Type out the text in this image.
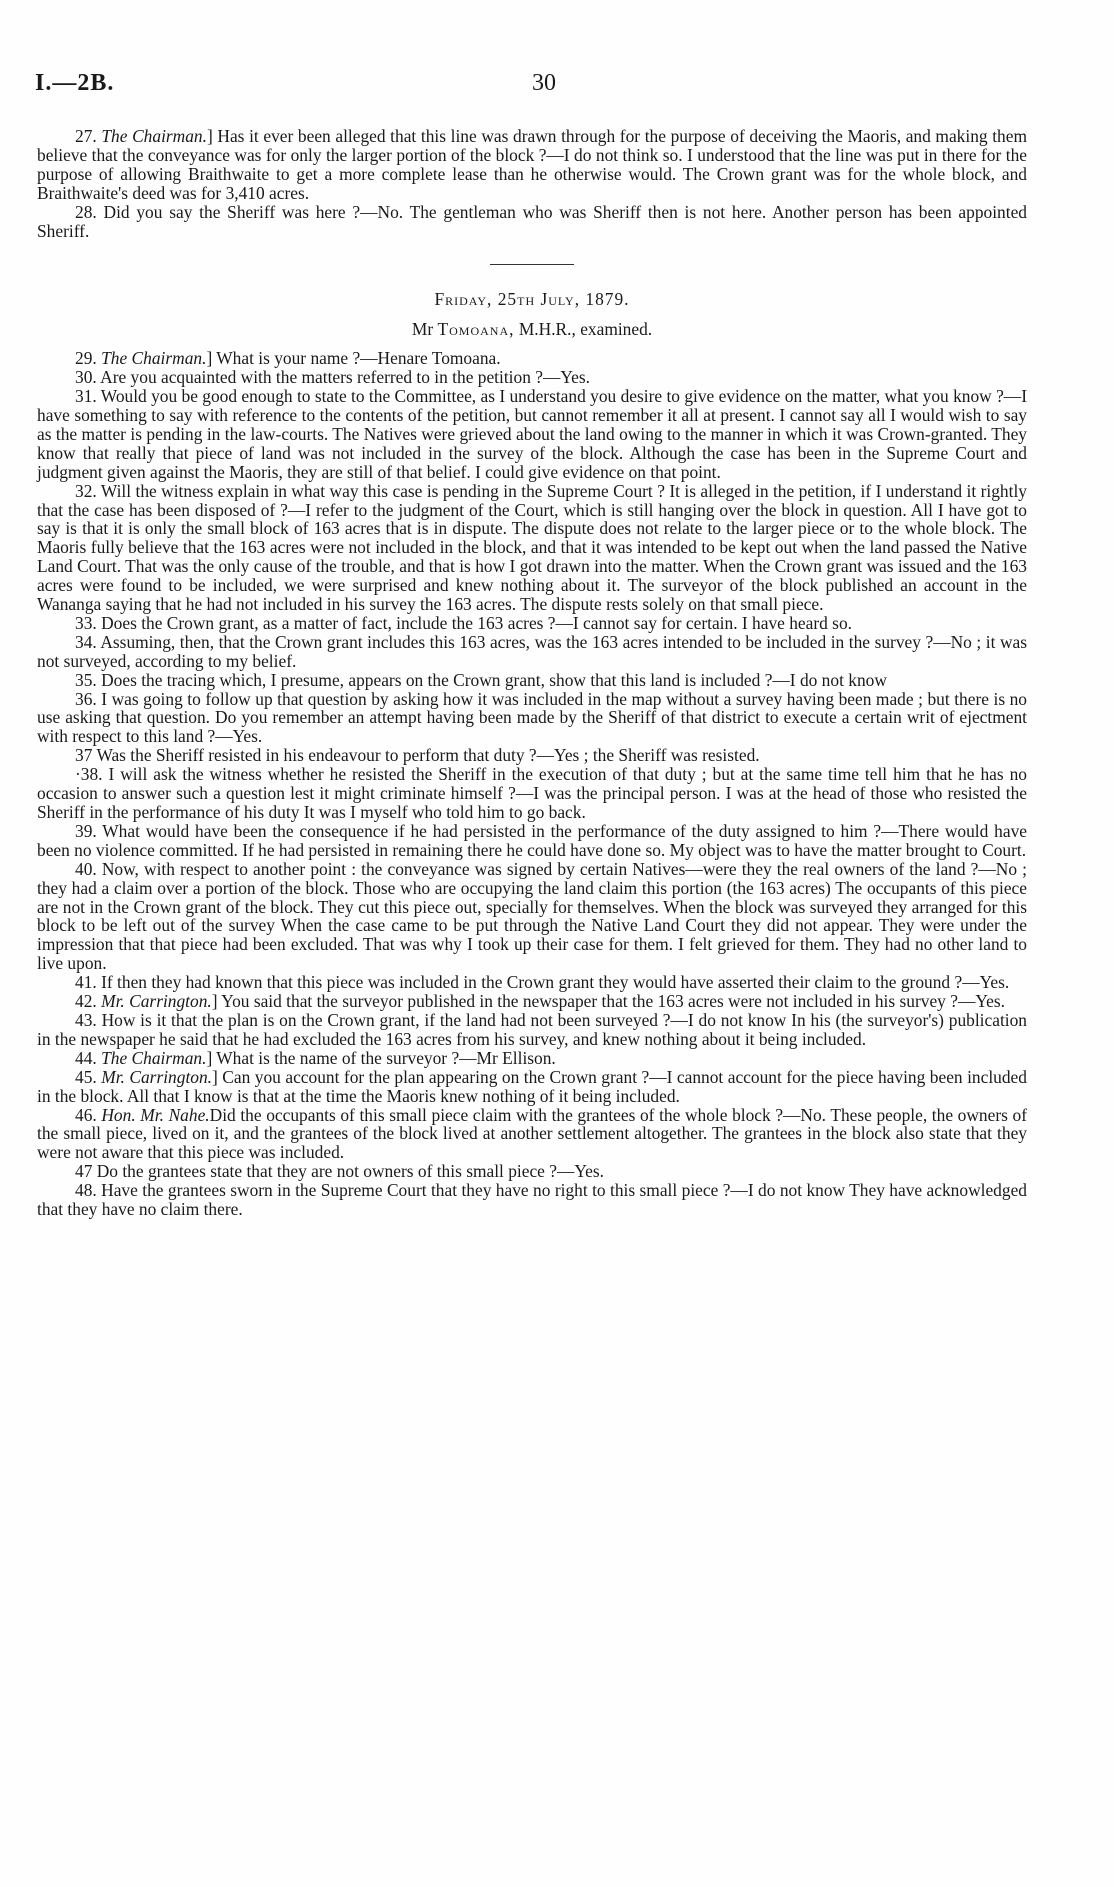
I.—2B.	30

27. The Chairman.] Has it ever been alleged that this line was drawn through for the purpose of deceiving the Maoris, and making them believe that the conveyance was for only the larger portion of the block ?—I do not think so. I understood that the line was put in there for the purpose of allowing Braithwaite to get a more complete lease than he otherwise would. The Crown grant was for the whole block, and Braithwaite's deed was for 3,410 acres.

28. Did you say the Sheriff was here ?—No. The gentleman who was Sheriff then is not here. Another person has been appointed Sheriff.

Friday, 25th July, 1879.

Mr Tomoana, M.H.R., examined.

29. The Chairman.] What is your name ?—Henare Tomoana.

30. Are you acquainted with the matters referred to in the petition ?—Yes.

31. Would you be good enough to state to the Committee, as I understand you desire to give evidence on the matter, what you know ?—I have something to say with reference to the contents of the petition, but cannot remember it all at present. I cannot say all I would wish to say as the matter is pending in the law-courts. The Natives were grieved about the land owing to the manner in which it was Crown-granted. They know that really that piece of land was not included in the survey of the block. Although the case has been in the Supreme Court and judgment given against the Maoris, they are still of that belief. I could give evidence on that point.

32. Will the witness explain in what way this case is pending in the Supreme Court ? It is alleged in the petition, if I understand it rightly that the case has been disposed of ?—I refer to the judgment of the Court, which is still hanging over the block in question. All I have got to say is that it is only the small block of 163 acres that is in dispute. The dispute does not relate to the larger piece or to the whole block. The Maoris fully believe that the 163 acres were not included in the block, and that it was intended to be kept out when the land passed the Native Land Court. That was the only cause of the trouble, and that is how I got drawn into the matter. When the Crown grant was issued and the 163 acres were found to be included, we were surprised and knew nothing about it. The surveyor of the block published an account in the Wananga saying that he had not included in his survey the 163 acres. The dispute rests solely on that small piece.

33. Does the Crown grant, as a matter of fact, include the 163 acres ?—I cannot say for certain. I have heard so.

34. Assuming, then, that the Crown grant includes this 163 acres, was the 163 acres intended to be included in the survey ?—No ; it was not surveyed, according to my belief.

35. Does the tracing which, I presume, appears on the Crown grant, show that this land is included ?—I do not know

36. I was going to follow up that question by asking how it was included in the map without a survey having been made ; but there is no use asking that question. Do you remember an attempt having been made by the Sheriff of that district to execute a certain writ of ejectment with respect to this land ?—Yes.

37 Was the Sheriff resisted in his endeavour to perform that duty ?—Yes ; the Sheriff was resisted.

·38. I will ask the witness whether he resisted the Sheriff in the execution of that duty ; but at the same time tell him that he has no occasion to answer such a question lest it might criminate himself ?—I was the principal person. I was at the head of those who resisted the Sheriff in the performance of his duty It was I myself who told him to go back.

39. What would have been the consequence if he had persisted in the performance of the duty assigned to him ?—There would have been no violence committed. If he had persisted in remaining there he could have done so. My object was to have the matter brought to Court.

40. Now, with respect to another point : the conveyance was signed by certain Natives—were they the real owners of the land ?—No ; they had a claim over a portion of the block. Those who are occupying the land claim this portion (the 163 acres) The occupants of this piece are not in the Crown grant of the block. They cut this piece out, specially for themselves. When the block was surveyed they arranged for this block to be left out of the survey When the case came to be put through the Native Land Court they did not appear. They were under the impression that that piece had been excluded. That was why I took up their case for them. I felt grieved for them. They had no other land to live upon.

41. If then they had known that this piece was included in the Crown grant they would have asserted their claim to the ground ?—Yes.

42. Mr. Carrington.] You said that the surveyor published in the newspaper that the 163 acres were not included in his survey ?—Yes.

43. How is it that the plan is on the Crown grant, if the land had not been surveyed ?—I do not know In his (the surveyor's) publication in the newspaper he said that he had excluded the 163 acres from his survey, and knew nothing about it being included.

44. The Chairman.] What is the name of the surveyor ?—Mr Ellison.

45. Mr. Carrington.] Can you account for the plan appearing on the Crown grant ?—I cannot account for the piece having been included in the block. All that I know is that at the time the Maoris knew nothing of it being included.

46. Hon. Mr. Nahe.Did the occupants of this small piece claim with the grantees of the whole block ?—No. These people, the owners of the small piece, lived on it, and the grantees of the block lived at another settlement altogether. The grantees in the block also state that they were not aware that this piece was included.

47 Do the grantees state that they are not owners of this small piece ?—Yes.

48. Have the grantees sworn in the Supreme Court that they have no right to this small piece ?—I do not know They have acknowledged that they have no claim there.
